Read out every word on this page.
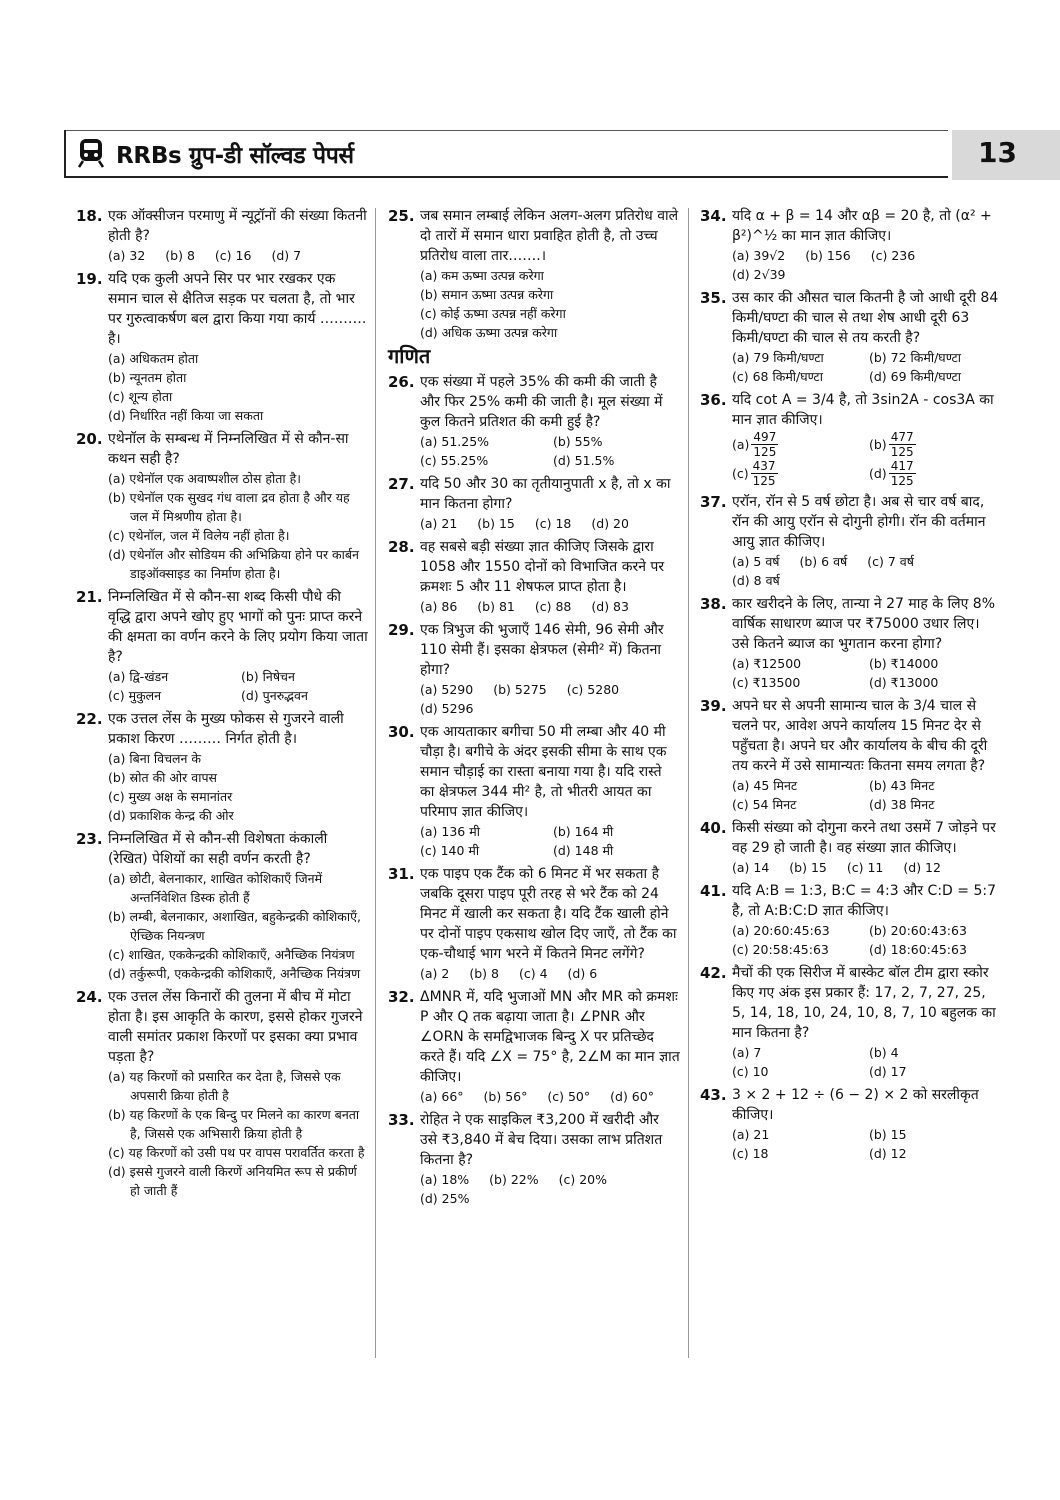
RRBs ग्रुप-डी सॉल्वड पेपर्स	13
18. एक ऑक्सीजन परमाणु में न्यूट्रॉनों की संख्या कितनी होती है?
(a) 32 (b) 8 (c) 16 (d) 7
19. यदि एक कुली अपने सिर पर भार रखकर एक समान चाल से क्षैतिज सड़क पर चलता है, तो भार पर गुरुत्वाकर्षण बल द्वारा किया गया कार्य ………. है।
(a) अधिकतम होता
(b) न्यूनतम होता
(c) शून्य होता
(d) निर्धारित नहीं किया जा सकता
20. एथेनॉल के सम्बन्ध में निम्नलिखित में से कौन-सा कथन सही है?
(a) एथेनॉल एक अवाष्पशील ठोस होता है।
(b) एथेनॉल एक सुखद गंध वाला द्रव होता है और यह जल में मिश्रणीय होता है।
(c) एथेनॉल, जल में विलेय नहीं होता है।
(d) एथेनॉल और सोडियम की अभिक्रिया होने पर कार्बन डाइऑक्साइड का निर्माण होता है।
21. निम्नलिखित में से कौन-सा शब्द किसी पौधे की वृद्धि द्वारा अपने खोए हुए भागों को पुनः प्राप्त करने की क्षमता का वर्णन करने के लिए प्रयोग किया जाता है?
(a) द्वि-खंडन	(b) निषेचन
(c) मुकुलन	(d) पुनरुद्भवन
22. एक उत्तल लेंस के मुख्य फोकस से गुजरने वाली प्रकाश किरण ……… निर्गत होती है।
(a) बिना विचलन के
(b) स्रोत की ओर वापस
(c) मुख्य अक्ष के समानांतर
(d) प्रकाशिक केन्द्र की ओर
23. निम्नलिखित में से कौन-सी विशेषता कंकाली (रेखित) पेशियों का सही वर्णन करती है?
(a) छोटी, बेलनाकार, शाखित कोशिकाएँ जिनमें अन्तर्निवेशित डिस्क होती हैं
(b) लम्बी, बेलनाकार, अशाखित, बहुकेन्द्रकी कोशिकाएँ, ऐच्छिक नियन्त्रण
(c) शाखित, एककेन्द्रकी कोशिकाएँ, अनैच्छिक नियंत्रण
(d) तर्कुरूपी, एककेन्द्रकी कोशिकाएँ, अनैच्छिक नियंत्रण
24. एक उत्तल लेंस किनारों की तुलना में बीच में मोटा होता है। इस आकृति के कारण, इससे होकर गुजरने वाली समांतर प्रकाश किरणों पर इसका क्या प्रभाव पड़ता है?
(a) यह किरणों को प्रसारित कर देता है, जिससे एक अपसारी क्रिया होती है
(b) यह किरणों के एक बिन्दु पर मिलने का कारण बनता है, जिससे एक अभिसारी क्रिया होती है
(c) यह किरणों को उसी पथ पर वापस परावर्तित करता है
(d) इससे गुजरने वाली किरणें अनियमित रूप से प्रकीर्ण हो जाती हैं
25. जब समान लम्बाई लेकिन अलग-अलग प्रतिरोध वाले दो तारों में समान धारा प्रवाहित होती है, तो उच्च प्रतिरोध वाला तार…….।
(a) कम ऊष्मा उत्पन्न करेगा
(b) समान ऊष्मा उत्पन्न करेगा
(c) कोई ऊष्मा उत्पन्न नहीं करेगा
(d) अधिक ऊष्मा उत्पन्न करेगा
गणित
26. एक संख्या में पहले 35% की कमी की जाती है और फिर 25% कमी की जाती है। मूल संख्या में कुल कितने प्रतिशत की कमी हुई है?
(a) 51.25%	(b) 55%
(c) 55.25%	(d) 51.5%
27. यदि 50 और 30 का तृतीयानुपाती x है, तो x का मान कितना होगा?
(a) 21 (b) 15 (c) 18 (d) 20
28. वह सबसे बड़ी संख्या ज्ञात कीजिए जिसके द्वारा 1058 और 1550 दोनों को विभाजित करने पर क्रमशः 5 और 11 शेषफल प्राप्त होता है।
(a) 86 (b) 81 (c) 88 (d) 83
29. एक त्रिभुज की भुजाएँ 146 सेमी, 96 सेमी और 110 सेमी हैं। इसका क्षेत्रफल (सेमी² में) कितना होगा?
(a) 5290 (b) 5275 (c) 5280
(d) 5296
30. एक आयताकार बगीचा 50 मी लम्बा और 40 मी चौड़ा है। बगीचे के अंदर इसकी सीमा के साथ एक समान चौड़ाई का रास्ता बनाया गया है। यदि रास्ते का क्षेत्रफल 344 मी² है, तो भीतरी आयत का परिमाप ज्ञात कीजिए।
(a) 136 मी	(b) 164 मी
(c) 140 मी	(d) 148 मी
31. एक पाइप एक टैंक को 6 मिनट में भर सकता है जबकि दूसरा पाइप पूरी तरह से भरे टैंक को 24 मिनट में खाली कर सकता है। यदि टैंक खाली होने पर दोनों पाइप एकसाथ खोल दिए जाएँ, तो टैंक का एक-चौथाई भाग भरने में कितने मिनट लगेंगे?
(a) 2 (b) 8 (c) 4 (d) 6
32. ΔMNR में, यदि भुजाओं MN और MR को क्रमशः P और Q तक बढ़ाया जाता है। ∠PNR और ∠ORN के समद्विभाजक बिन्दु X पर प्रतिच्छेद करते हैं। यदि ∠X = 75° है, 2∠M का मान ज्ञात कीजिए।
(a) 66° (b) 56° (c) 50° (d) 60°
33. रोहित ने एक साइकिल ₹3,200 में खरीदी और उसे ₹3,840 में बेच दिया। उसका लाभ प्रतिशत कितना है?
(a) 18% (b) 22% (c) 20%
(d) 25%
34. यदि α + β = 14 और αβ = 20 है, तो (α² + β²)^½ का मान ज्ञात कीजिए।
(a) 39√2 (b) 156 (c) 236
(d) 2√39
35. उस कार की औसत चाल कितनी है जो आधी दूरी 84 किमी/घण्टा की चाल से तथा शेष आधी दूरी 63 किमी/घण्टा की चाल से तय करती है?
(a) 79 किमी/घण्टा	(b) 72 किमी/घण्टा
(c) 68 किमी/घण्टा	(d) 69 किमी/घण्टा
36. यदि cot A = 3/4 है, तो 3sin2A - cos3A का मान ज्ञात कीजिए।
$(a) \frac{497}{125}$	$(b) \frac{477}{125}$
$(c) \frac{437}{125}$	$(d) \frac{417}{125}$
37. एरॉन, रॉन से 5 वर्ष छोटा है। अब से चार वर्ष बाद, रॉन की आयु एरॉन से दोगुनी होगी। रॉन की वर्तमान आयु ज्ञात कीजिए।
(a) 5 वर्ष (b) 6 वर्ष (c) 7 वर्ष
(d) 8 वर्ष
38. कार खरीदने के लिए, तान्या ने 27 माह के लिए 8% वार्षिक साधारण ब्याज पर ₹75000 उधार लिए। उसे कितने ब्याज का भुगतान करना होगा?
(a) ₹12500	(b) ₹14000
(c) ₹13500	(d) ₹13000
39. अपने घर से अपनी सामान्य चाल के 3/4 चाल से चलने पर, आवेश अपने कार्यालय 15 मिनट देर से पहुँचता है। अपने घर और कार्यालय के बीच की दूरी तय करने में उसे सामान्यतः कितना समय लगता है?
(a) 45 मिनट	(b) 43 मिनट
(c) 54 मिनट	(d) 38 मिनट
40. किसी संख्या को दोगुना करने तथा उसमें 7 जोड़ने पर वह 29 हो जाती है। वह संख्या ज्ञात कीजिए।
(a) 14 (b) 15 (c) 11 (d) 12
41. यदि A:B = 1:3, B:C = 4:3 और C:D = 5:7 है, तो A:B:C:D ज्ञात कीजिए।
(a) 20:60:45:63	(b) 20:60:43:63
(c) 20:58:45:63	(d) 18:60:45:63
42. मैचों की एक सिरीज में बास्केट बॉल टीम द्वारा स्कोर किए गए अंक इस प्रकार हैं: 17, 2, 7, 27, 25, 5, 14, 18, 10, 24, 10, 8, 7, 10 बहुलक का मान कितना है?
(a) 7	(b) 4
(c) 10	(d) 17
43. 3 × 2 + 12 ÷ (6 − 2) × 2 को सरलीकृत कीजिए।
(a) 21	(b) 15
(c) 18	(d) 12
